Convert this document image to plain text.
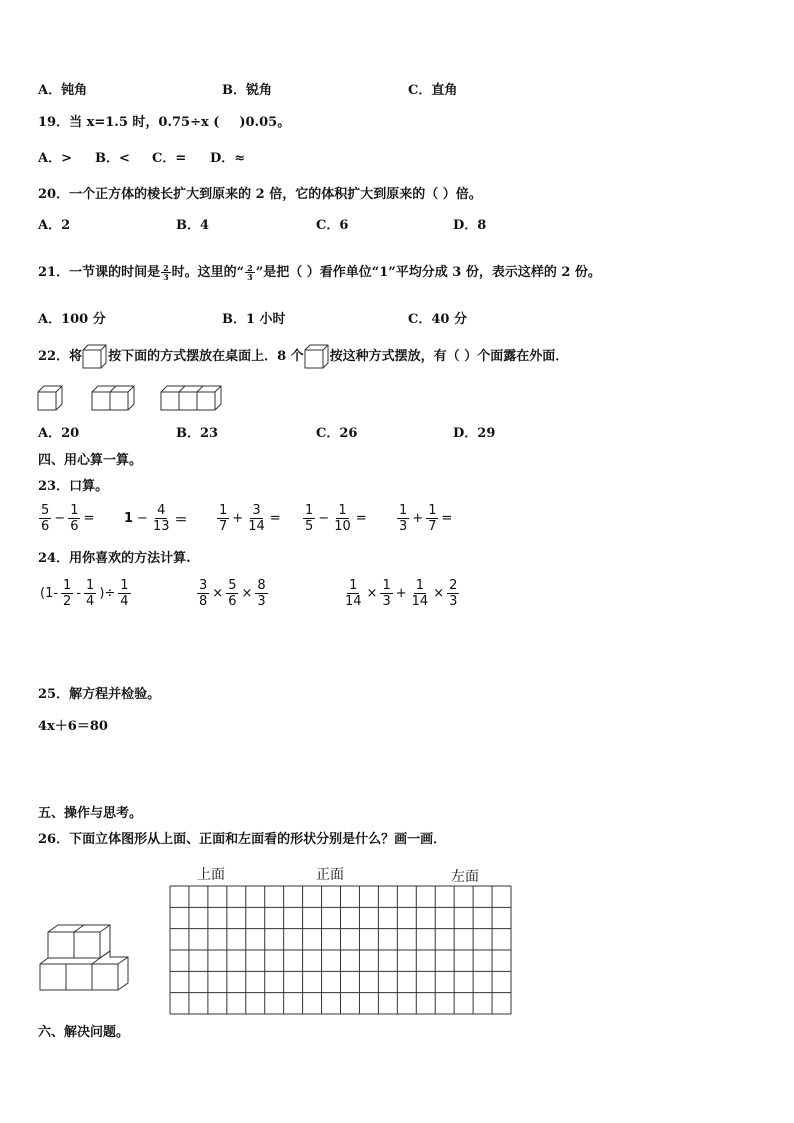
A．钝角	B．锐角	C．直角
19．当 x=1.5 时，0.75÷x ( )0.05。
A．> B．< C．= D．≈
20．一个正方体的棱长扩大到原来的 2 倍，它的体积扩大到原来的（ ）倍。
A．2	B．4	C．6	D．8
21．一节课的时间是 $\frac{2}{3}$ 时。这里的“ $\frac{2}{3}$ ”是把（ ）看作单位“1”平均分成 3 份，表示这样的 2 份。
A．100 分	B．1 小时	C．40 分
22．将 按下面的方式摆放在桌面上．8 个 按这种方式摆放，有（ ）个面露在外面．
A．20	B．23	C．26	D．29
四、用心算一算。
23．口算。
$\frac{5}{6} - \frac{1}{6} = 1 - \frac{4}{13} = \frac{1}{7} + \frac{3}{14} = \frac{1}{5} - \frac{1}{10} = \frac{1}{3} + \frac{1}{7}$ =
24．用你喜欢的方法计算.
($1- \frac{1}{2} - \frac{1}{4}$ )÷ $\frac{1}{4}$	$\frac{3}{8} \times \frac{5}{6} \times \frac{8}{3}$	$\frac{1}{14} \times \frac{1}{3} + \frac{1}{14} \times \frac{2}{3}$
25．解方程并检验。
4x＋6＝80
五、操作与思考。
26．下面立体图形从上面、正面和左面看的形状分别是什么？画一画．
上面	正面	左面
六、解决问题。
